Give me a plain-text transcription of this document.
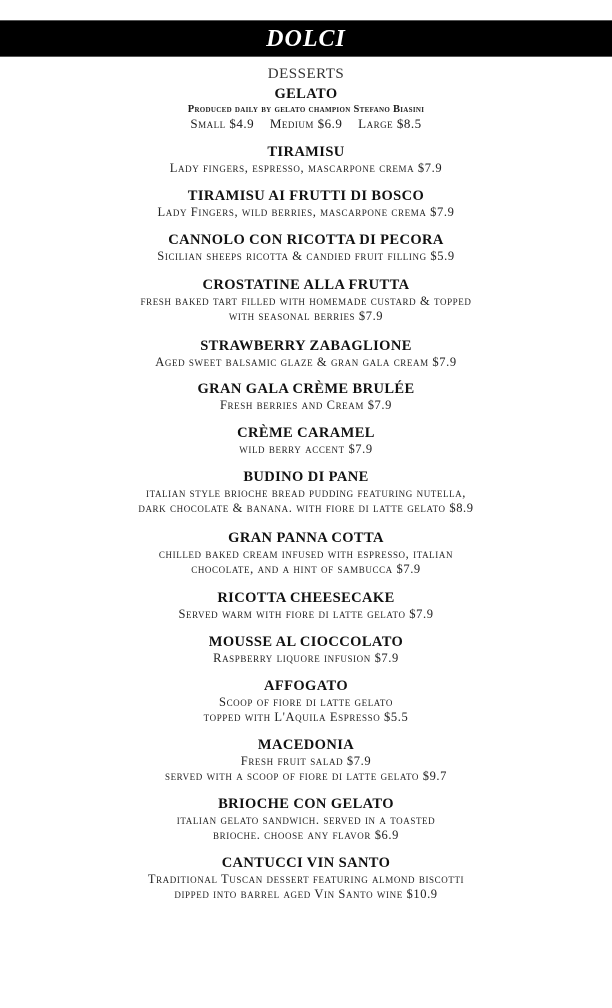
DOLCI
DESSERTS
GELATO
Produced daily by gelato champion Stefano Biasini
Small $4.9 Medium $6.9 Large $8.5
TIRAMISU
Lady fingers, espresso, mascarpone crema $7.9
TIRAMISU AI FRUTTI DI BOSCO
Lady Fingers, wild berries, mascarpone crema $7.9
CANNOLO CON RICOTTA DI PECORA
Sicilian sheeps ricotta & candied fruit filling $5.9
CROSTATINE ALLA FRUTTA
fresh baked tart filled with homemade custard & topped
with seasonal berries $7.9
STRAWBERRY ZABAGLIONE
Aged sweet balsamic glaze & gran gala cream $7.9
GRAN GALA CRÈME BRULÉE
Fresh berries and Cream $7.9
CRÈME CARAMEL
wild berry accent $7.9
BUDINO DI PANE
italian style brioche bread pudding featuring nutella,
dark chocolate & banana. with fiore di latte gelato $8.9
GRAN PANNA COTTA
chilled baked cream infused with espresso, italian
chocolate, and a hint of sambucca $7.9
RICOTTA CHEESECAKE
Served warm with fiore di latte gelato $7.9
MOUSSE AL CIOCCOLATO
Raspberry liquore infusion $7.9
AFFOGATO
Scoop of fiore di latte gelato
topped with L'Aquila Espresso $5.5
MACEDONIA
Fresh fruit salad $7.9
served with a scoop of fiore di latte gelato $9.7
BRIOCHE CON GELATO
italian gelato sandwich. served in a toasted
brioche. choose any flavor $6.9
CANTUCCI VIN SANTO
Traditional Tuscan dessert featuring almond biscotti
dipped into barrel aged Vin Santo wine $10.9
